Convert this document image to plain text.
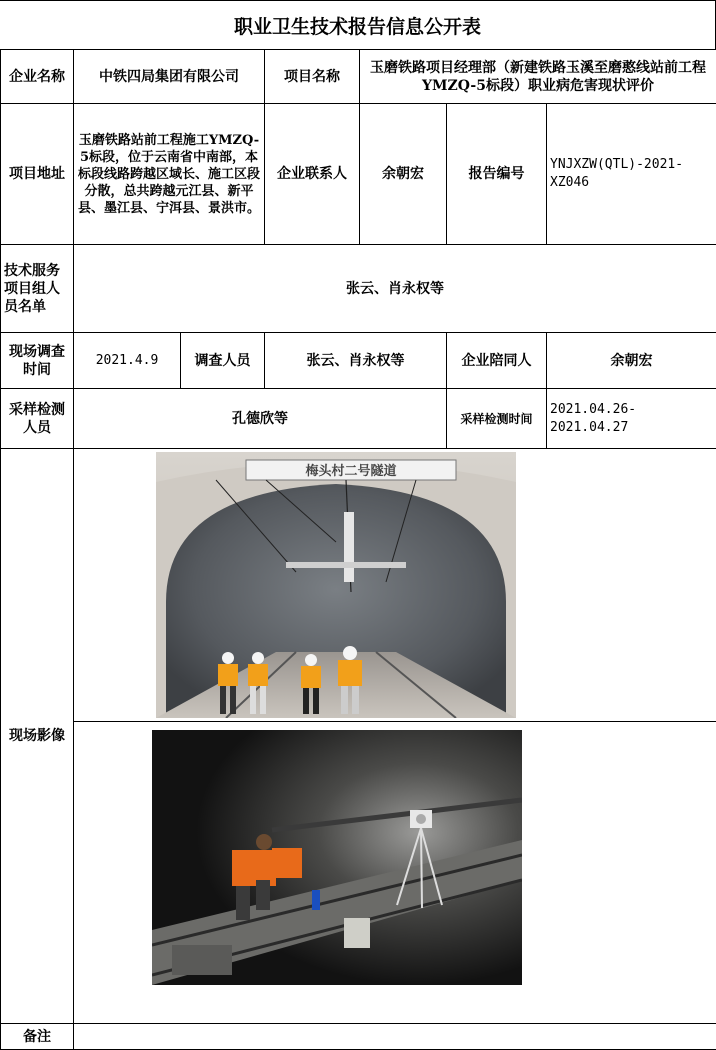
职业卫生技术报告信息公开表
企业名称	中铁四局集团有限公司		项目名称	玉磨铁路项目经理部（新建铁路玉溪至磨憨线站前工程YMZQ-5标段）职业病危害现状评价		
项目地址	玉磨铁路站前工程施工YMZQ-5标段，位于云南省中南部，本标段线路跨越区域长、施工区段分散，总共跨越元江县、新平县、墨江县、宁洱县、景洪市。		企业联系人	余朝宏	报告编号	YNJXZW(QTL)-2021-XZ046
技术服务项目组人员名单	张云、肖永权等					
现场调查时间	2021.4.9	调查人员	张云、肖永权等		企业陪同人	余朝宏
采样检测人员	孔德欣等				采样检测时间	2021.04.26-2021.04.27
现场影像	梅头村二号隧道					

备注						
